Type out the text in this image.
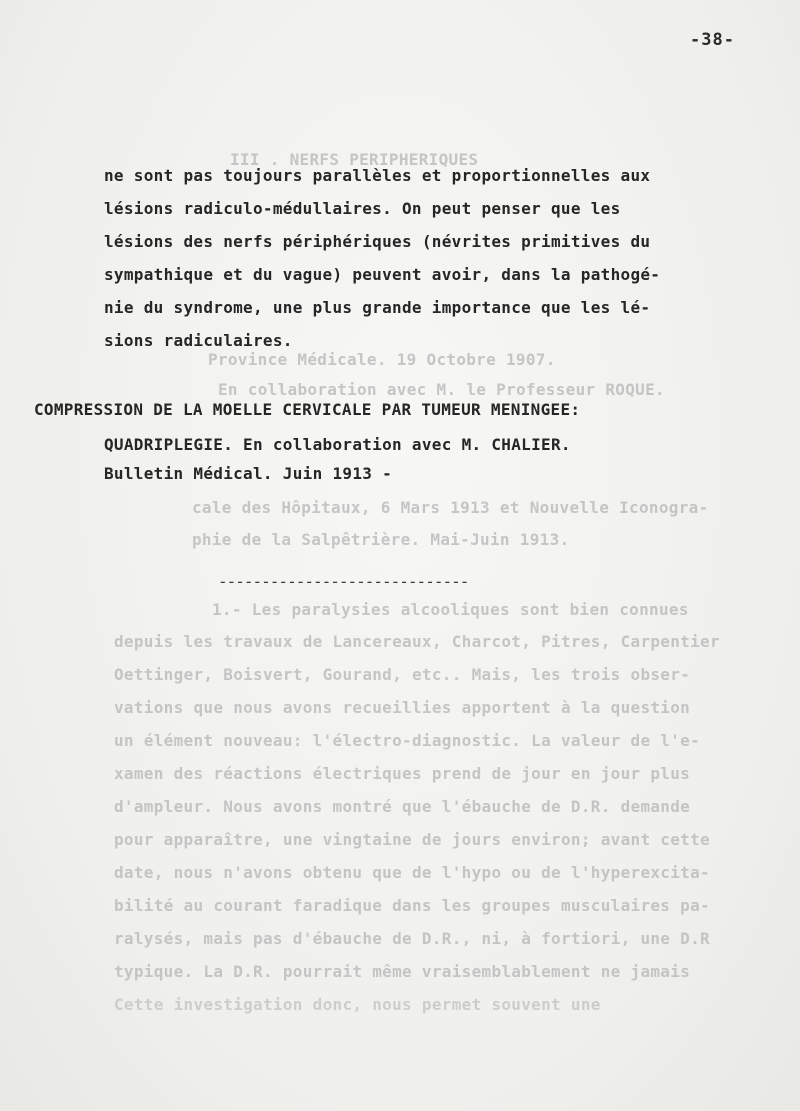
-38-
III . NERFS PERIPHERIQUES
ne sont pas toujours parallèles et proportionnelles aux
lésions radiculo-médullaires. On peut penser que les
lésions des nerfs périphériques (névrites primitives du
sympathique et du vague) peuvent avoir, dans la pathogé-
nie du syndrome, une plus grande importance que les lé-
sions radiculaires.
Province Médicale. 19 Octobre 1907.
En collaboration avec M. le Professeur ROQUE.
COMPRESSION DE LA MOELLE CERVICALE PAR TUMEUR MENINGEE:
QUADRIPLEGIE. En collaboration avec M. CHALIER.
Bulletin Médical. Juin 1913 -
cale des Hôpitaux, 6 Mars 1913 et Nouvelle Iconogra-
phie de la Salpêtrière. Mai-Juin 1913.
-----------------------------
1.- Les paralysies alcooliques sont bien connues
depuis les travaux de Lancereaux, Charcot, Pitres, Carpentier
Oettinger, Boisvert, Gourand, etc.. Mais, les trois obser-
vations que nous avons recueillies apportent à la question
un élément nouveau: l'électro-diagnostic. La valeur de l'e-
xamen des réactions électriques prend de jour en jour plus
d'ampleur. Nous avons montré que l'ébauche de D.R. demande
pour apparaître, une vingtaine de jours environ; avant cette
date, nous n'avons obtenu que de l'hypo ou de l'hyperexcita-
bilité au courant faradique dans les groupes musculaires pa-
ralysés, mais pas d'ébauche de D.R., ni, à fortiori, une D.R
typique. La D.R. pourrait même vraisemblablement ne jamais
Cette investigation donc, nous permet souvent une
